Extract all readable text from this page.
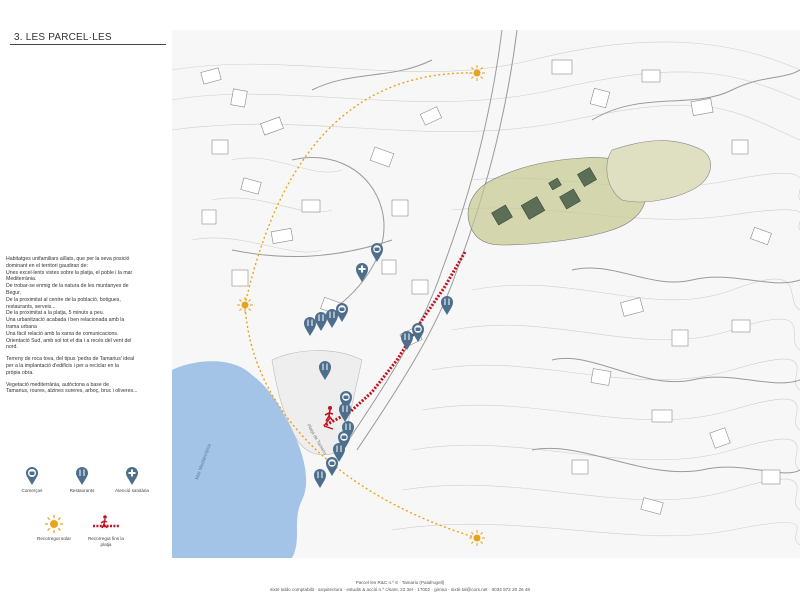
3. LES PARCEL·LES

Habitatges unifamiliars aïllats, que per la seva posició
dominant en el territori gaudiran de:
Unes excel·lents vistes sobre la platja, el poble i la mar
Mediterrània.
De trobar-se enmig de la natura de les muntanyes de
Begur.
De la proximitat al centre de la població, botigues,
restaurants, serveis...
De la proximitat a la platja, 5 minuts a peu.
Una urbanització acabada i ben relacionada amb la
trama urbana
Una fàcil relació amb la xarxa de comunicacions.
Orientació Sud, amb sol tot el dia i a recés del vent del
nord.

Terreny de roca tova, del tipus 'pedra de Tamarius' ideal
per a la implantació d'edificis i per a reciclar en la
pròpia obra.

Vegetació mediterrània, autòctona a base de
Tamarius, roures, alzines sureres, arboç, bruc i oliveres...

Comerços	Restaurants	Atenció sanitària
Recorregut solar	Recorregut fins la platja
Mar Mediterrània
Platja de Tamariu
Parcel·les R&C n.º 6 · Tamariu (Palafrugell)
sixtè taldo comptabilit · arquitectura · estudis & acció n.º c/sant, 22 3er · 17002 · girona · sixtè.tal@cors.net · 0034 972 20 26 48
